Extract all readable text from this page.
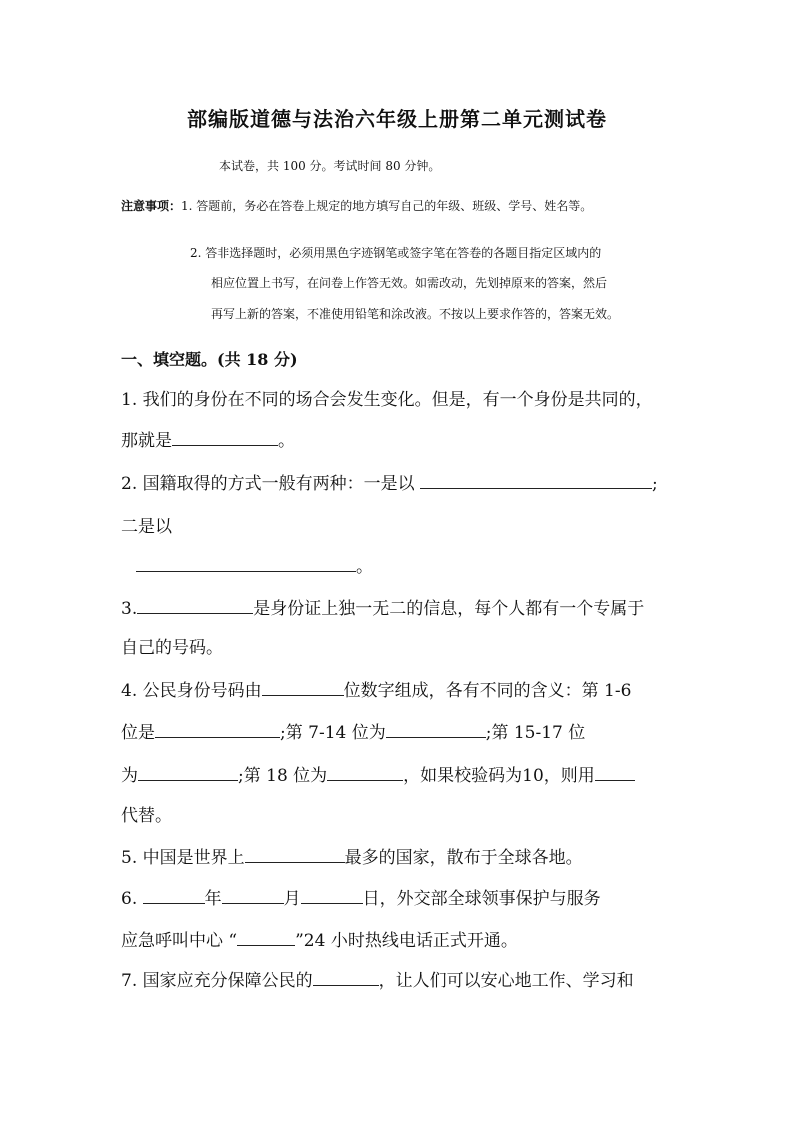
部编版道德与法治六年级上册第二单元测试卷
本试卷，共 100 分。考试时间 80 分钟。
注意事项：1. 答题前，务必在答卷上规定的地方填写自己的年级、班级、学号、姓名等。
2. 答非选择题时，必须用黑色字迹钢笔或签字笔在答卷的各题目指定区域内的
相应位置上书写，在问卷上作答无效。如需改动，先划掉原来的答案，然后
再写上新的答案，不准使用铅笔和涂改液。不按以上要求作答的，答案无效。
一、填空题。(共 18 分)
1. 我们的身份在不同的场合会发生变化。但是，有一个身份是共同的，
那就是	。
2. 国籍取得的方式一般有两种：一是以	;
二是以
。
3.	是身份证上独一无二的信息，每个人都有一个专属于
自己的号码。
4. 公民身份号码由	位数字组成，各有不同的含义：第 1-6
位是	;第 7-14 位为	;第 15-17 位
为	;第 18 位为	，如果校验码为10，则用
代替。
5. 中国是世界上	最多的国家，散布于全球各地。
6.	年	月	日，外交部全球领事保护与服务
应急呼叫中心 “	”24 小时热线电话正式开通。
7. 国家应充分保障公民的	，让人们可以安心地工作、学习和
